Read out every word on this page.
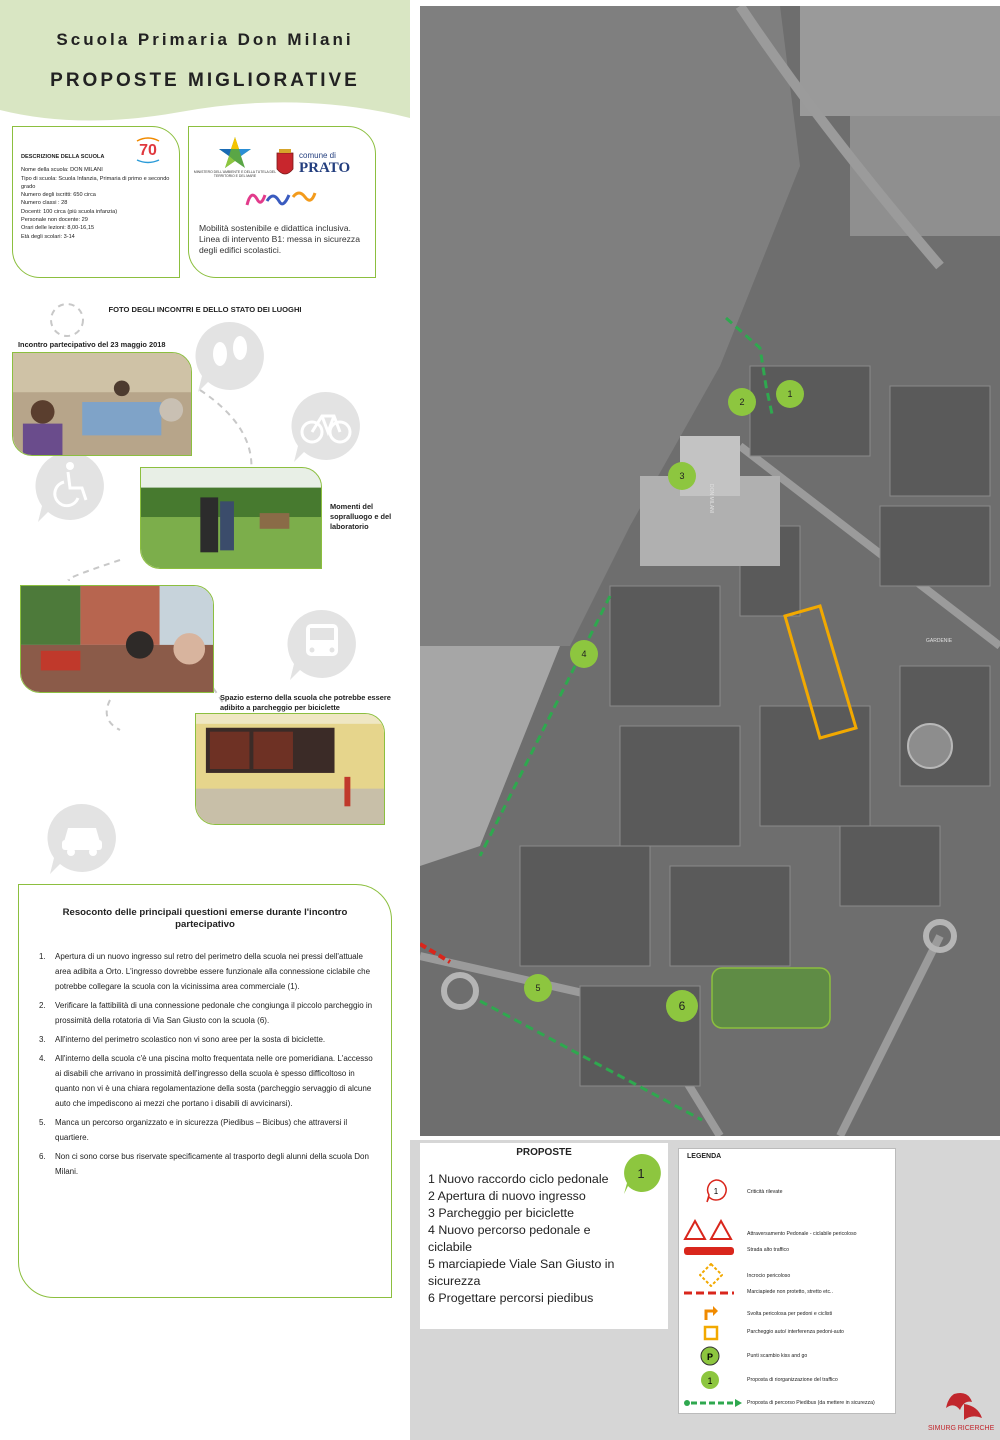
Scuola Primaria Don Milani
PROPOSTE MIGLIORATIVE
70
DESCRIZIONE DELLA SCUOLA
Nome della scuola: DON MILANI
Tipo di scuola: Scuola Infanzia, Primaria di primo e secondo grado
Numero degli iscritti: 650 circa
Numero classi : 28
Docenti: 100 circa (più scuola infanzia)
Personale non docente: 29
Orari delle lezioni: 8,00-16,15
Età degli scolari: 3-14
MINISTERO DELL'AMBIENTE E DELLA TUTELA DEL TERRITORIO E DEL MARE
comune di
PRATO
Mobilità sostenibile e didattica inclusiva. Linea di intervento B1: messa in sicurezza degli edifici scolastici.
FOTO DEGLI INCONTRI E DELLO STATO DEI LUOGHI
Incontro partecipativo del 23 maggio 2018
Momenti del sopralluogo e del laboratorio
Spazio esterno della scuola che potrebbe essere adibito a parcheggio per biciclette
Resoconto delle principali questioni emerse durante l'incontro partecipativo
1. Apertura di un nuovo ingresso sul retro del perimetro della scuola nei pressi dell'attuale area adibita a Orto. L'ingresso dovrebbe essere funzionale alla connessione ciclabile che potrebbe collegare la scuola con la vicinissima area commerciale (1).
2. Verificare la fattibilità di una connessione pedonale che congiunga il piccolo parcheggio in prossimità della rotatoria di Via San Giusto con la scuola (6).
3. All'interno del perimetro scolastico non vi sono aree per la sosta di biciclette.
4. All'interno della scuola c'è una piscina molto frequentata nelle ore pomeridiana. L'accesso ai disabili che arrivano in prossimità dell'ingresso della scuola è spesso difficoltoso in quanto non vi è una chiara regolamentazione della sosta (parcheggio servaggio di alcune auto che impediscono ai mezzi che portano i disabili di avvicinarsi).
5. Manca un percorso organizzato e in sicurezza (Piedibus – Bicibus) che attraversi il quartiere.
6. Non ci sono corse bus riservate specificamente al trasporto degli alunni della scuola Don Milani.
1
2
3
4
5
6
DON MILANI
GARDENIE
PROPOSTE
1 Nuovo raccordo ciclo pedonale
2 Apertura di nuovo ingresso
3 Parcheggio per biciclette
4 Nuovo percorso pedonale e ciclabile
5 marciapiede Viale San Giusto in sicurezza
6 Progettare percorsi piedibus
1
LEGENDA
1	Criticità rilevate
Attraversamento Pedonale - ciclabile pericoloso
Strada alto traffico
Incrocio pericoloso
Marciapiede non protetto, stretto etc..
Svolta pericolosa per pedoni e ciclisti
Parcheggio auto/ interferenza pedoni-auto
P	Punti scambio kiss and go
1	Proposta di riorganizzazione del traffico
Proposta di percorso Piedibus (da mettere in sicurezza)
SIMURG RICERCHE
